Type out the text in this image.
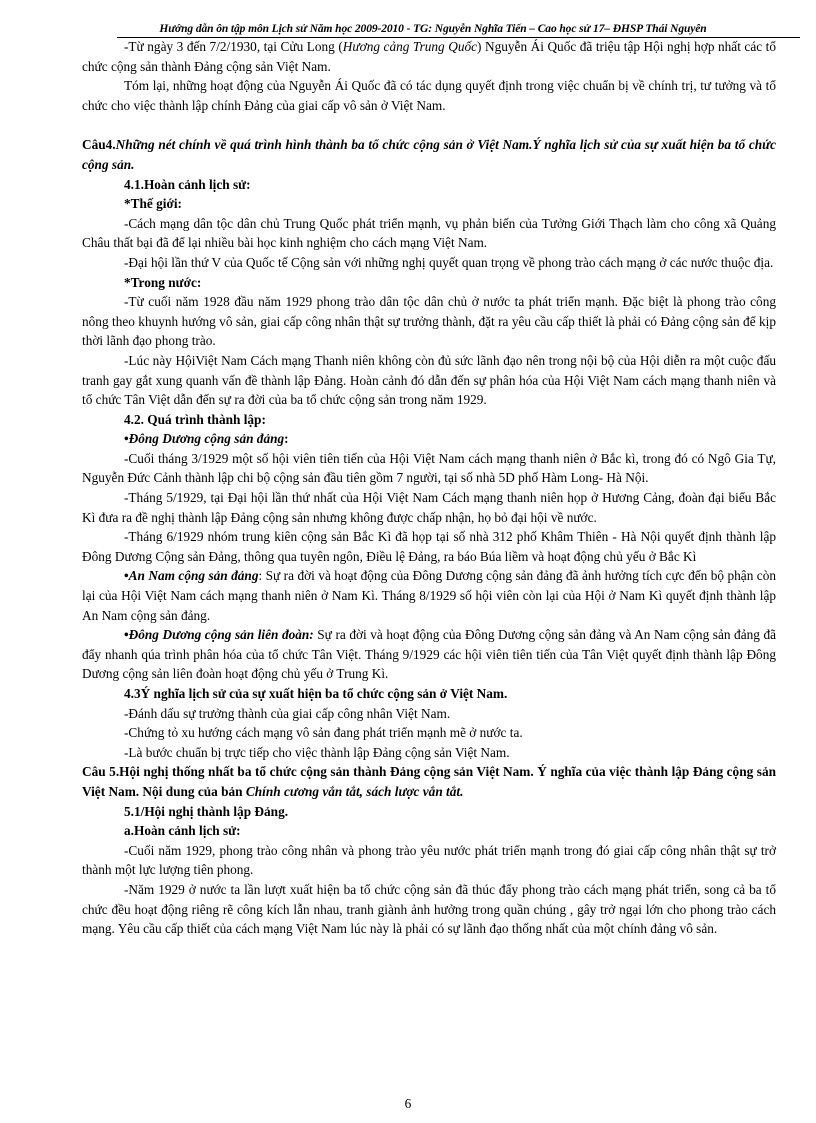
Hướng dẫn ôn tập môn Lịch sử Năm học 2009-2010 - TG: Nguyễn Nghĩa Tiến – Cao học sử 17– ĐHSP Thái Nguyên

-Từ ngày 3 đến 7/2/1930, tại Cửu Long (Hương cảng Trung Quốc) Nguyễn Ái Quốc đã triệu tập Hội nghị hợp nhất các tổ chức cộng sản thành Đảng cộng sản Việt Nam.

Tóm lại, những hoạt động của Nguyễn Ái Quốc đã có tác dụng quyết định trong việc chuẩn bị về chính trị, tư tưởng và tổ chức cho việc thành lập chính Đảng của giai cấp vô sản ở Việt Nam.

Câu4.Những nét chính về quá trình hình thành ba tổ chức cộng sản ở Việt Nam.Ý nghĩa lịch sử của sự xuất hiện ba tổ chức cộng sản.

4.1.Hoàn cảnh lịch sử:

*Thế giới:

-Cách mạng dân tộc dân chủ Trung Quốc phát triển mạnh, vụ phản biến của Tưởng Giới Thạch làm cho công xã Quảng Châu thất bại đã để lại nhiều bài học kinh nghiệm cho cách mạng Việt Nam.

-Đại hội lần thứ V của Quốc tế Cộng sản với những nghị quyết quan trọng về phong trào cách mạng ở các nước thuộc địa.

*Trong nước:

-Từ cuối năm 1928 đầu năm 1929 phong trào dân tộc dân chủ ở nước ta phát triển mạnh. Đặc biệt là phong trào công nông theo khuynh hướng vô sản, giai cấp công nhân thật sự trưởng thành, đặt ra yêu cầu cấp thiết là phải có Đảng cộng sản để kịp thời lãnh đạo phong trào.

-Lúc này HộiViệt Nam Cách mạng Thanh niên không còn đủ sức lãnh đạo nên trong nội bộ của Hội diễn ra một cuộc đấu tranh gay gắt xung quanh vấn đề thành lập Đảng. Hoàn cảnh đó dẫn đến sự phân hóa của Hội Việt Nam cách mạng thanh niên và tổ chức Tân Việt dẫn đến sự ra đời của ba tổ chức cộng sản trong năm 1929.

4.2. Quá trình thành lập:

•Đông Dương cộng sản đảng:

-Cuối tháng 3/1929 một số hội viên tiên tiến của Hội Việt Nam cách mạng thanh niên ở Bắc kì, trong đó có Ngô Gia Tự, Nguyễn Đức Cảnh thành lập chi bộ cộng sản đầu tiên gồm 7 người, tại số nhà 5D phố Hàm Long- Hà Nội.

-Tháng 5/1929, tại Đại hội lần thứ nhất của Hội Việt Nam Cách mạng thanh niên họp ở Hương Cảng, đoàn đại biểu Bắc Kì đưa ra đề nghị thành lập Đảng cộng sản nhưng không được chấp nhận, họ bỏ đại hội về nước.

-Tháng 6/1929 nhóm trung kiên cộng sản Bắc Kì đã họp tại số nhà 312 phố Khâm Thiên - Hà Nội quyết định thành lập Đông Dương Cộng sản Đảng, thông qua tuyên ngôn, Điều lệ Đảng, ra báo Búa liềm và hoạt động chủ yếu ở Bắc Kì

•An Nam cộng sản đảng: Sự ra đời và hoạt động của Đông Dương cộng sản đảng đã ảnh hưởng tích cực đến bộ phận còn lại của Hội Việt Nam cách mạng thanh niên ở Nam Kì. Tháng 8/1929 số hội viên còn lại của Hội ở Nam Kì quyết định thành lập An Nam cộng sản đảng.

•Đông Dương cộng sản liên đoàn: Sự ra đời và hoạt động của Đông Dương cộng sản đảng và An Nam cộng sản đảng đã đẩy nhanh qúa trình phân hóa của tổ chức Tân Việt. Tháng 9/1929 các hội viên tiên tiến của Tân Việt quyết định thành lập Đông Dương cộng sản liên đoàn hoạt động chủ yếu ở Trung Kì.

4.3Ý nghĩa lịch sử của sự xuất hiện ba tổ chức cộng sản ở Việt Nam.

-Đánh dấu sự trưởng thành của giai cấp công nhân Việt Nam.

-Chứng tỏ xu hướng cách mạng vô sản đang phát triển mạnh mẽ ở nước ta.

-Là bước chuẩn bị trực tiếp cho việc thành lập Đảng cộng sản Việt Nam.

Câu 5.Hội nghị thống nhất ba tổ chức cộng sản thành Đảng cộng sản Việt Nam. Ý nghĩa của việc thành lập Đảng cộng sản Việt Nam. Nội dung của bản Chính cương vắn tắt, sách lược vắn tắt.

5.1/Hội nghị thành lập Đảng.

a.Hoàn cảnh lịch sử:

-Cuối năm 1929, phong trào công nhân và phong trào yêu nước phát triển mạnh trong đó giai cấp công nhân thật sự trở thành một lực lượng tiên phong.

-Năm 1929 ở nước ta lần lượt xuất hiện ba tổ chức cộng sản đã thúc đẩy phong trào cách mạng phát triển, song cả ba tổ chức đều hoạt động riêng rẽ công kích lẫn nhau, tranh giành ảnh hưởng trong quần chúng , gây trở ngại lớn cho phong trào cách mạng. Yêu cầu cấp thiết của cách mạng Việt Nam lúc này là phải có sự lãnh đạo thống nhất của một chính đảng vô sản.

6
